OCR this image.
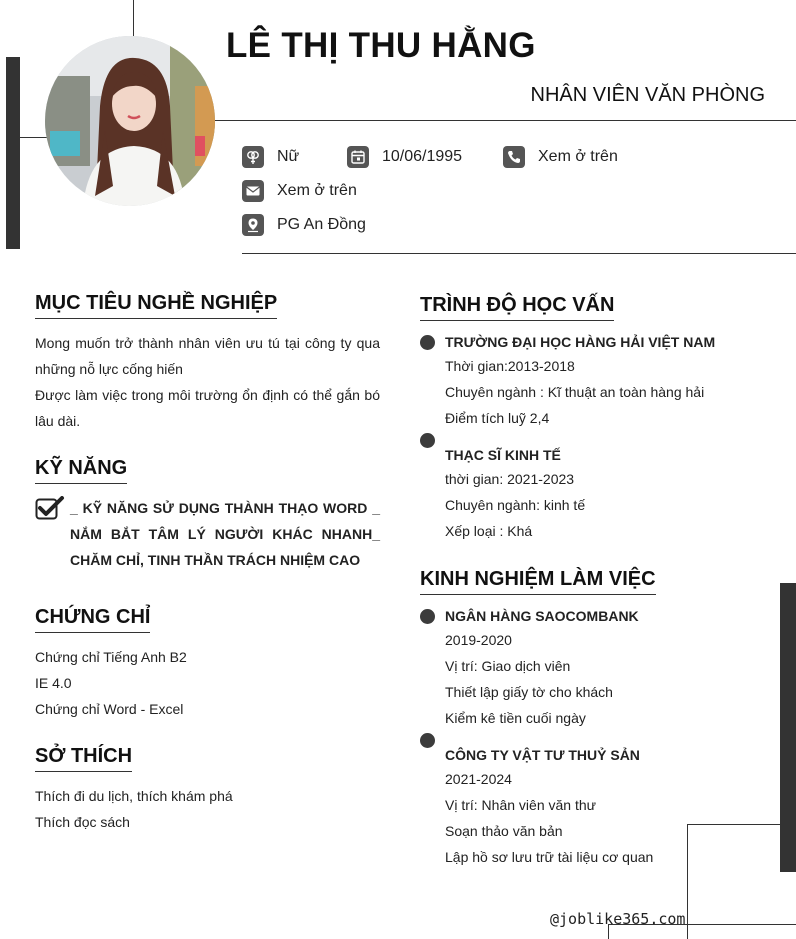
LÊ THỊ THU HẰNG
NHÂN VIÊN VĂN PHÒNG
Nữ	10/06/1995	Xem ở trên
Xem ở trên
PG An Đồng
MỤC TIÊU NGHỀ NGHIỆP
Mong muốn trở thành nhân viên ưu tú tại công ty qua những nỗ lực cống hiến
Được làm việc trong môi trường ổn định có thể gắn bó lâu dài.
KỸ NĂNG
_ KỸ NĂNG SỬ DỤNG THÀNH THẠO WORD _ NẮM BẮT TÂM LÝ NGƯỜI KHÁC NHANH_ CHĂM CHỈ, TINH THẦN TRÁCH NHIỆM CAO
CHỨNG CHỈ
Chứng chỉ Tiếng Anh B2
IE 4.0
Chứng chỉ Word - Excel
SỞ THÍCH
Thích đi du lịch, thích khám phá
Thích đọc sách
TRÌNH ĐỘ HỌC VẤN
TRƯỜNG ĐẠI HỌC HÀNG HẢI VIỆT NAM
Thời gian:2013-2018
Chuyên ngành : Kĩ thuật an toàn hàng hải
Điểm tích luỹ 2,4
THẠC SĨ KINH TẾ
thời gian: 2021-2023
Chuyên ngành: kinh tế
Xếp loại : Khá
KINH NGHIỆM LÀM VIỆC
NGÂN HÀNG SAOCOMBANK
2019-2020
Vị trí: Giao dịch viên
Thiết lập giấy tờ cho khách
Kiểm kê tiền cuối ngày
CÔNG TY VẬT TƯ THUỶ SẢN
2021-2024
Vị trí: Nhân viên văn thư
Soạn thảo văn bản
Lập hồ sơ lưu trữ tài liệu cơ quan
@joblike365.com
